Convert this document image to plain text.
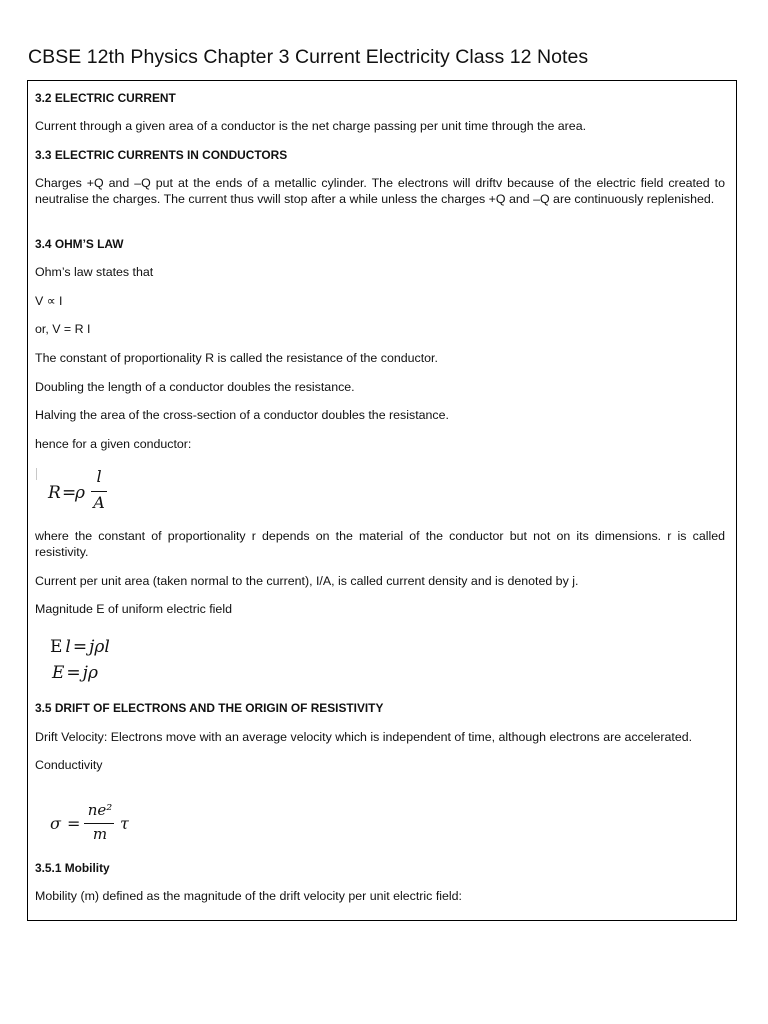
CBSE 12th Physics Chapter 3 Current Electricity Class 12 Notes
3.2 ELECTRIC CURRENT
Current through a given area of a conductor is the net charge passing per unit time through the area.
3.3 ELECTRIC CURRENTS IN CONDUCTORS
Charges +Q and –Q put at the ends of a metallic cylinder. The electrons will driftv because of the electric field created to neutralise the charges. The current thus vwill stop after a while unless the charges +Q and –Q are continuously replenished.
3.4 OHM’S LAW
Ohm’s law states that
V ∝ I
or, V = R I
The constant of proportionality R is called the resistance of the conductor.
Doubling the length of a conductor doubles the resistance.
Halving the area of the cross-section of a conductor doubles the resistance.
hence for a given conductor:
R =
ρ
l
A
where the constant of proportionality r depends on the material of the conductor but not on its dimensions. r is called resistivity.
Current per unit area (taken normal to the current), I/A, is called current density and is denoted by j.
Magnitude E of uniform electric field
E l = jρl
E = jρ
3.5 DRIFT OF ELECTRONS AND THE ORIGIN OF RESISTIVITY
Drift Velocity: Electrons move with an average velocity which is independent of time, although electrons are accelerated.
Conductivity
σ =
ne²
m
τ
3.5.1 Mobility
Mobility (m) defined as the magnitude of the drift velocity per unit electric field:
